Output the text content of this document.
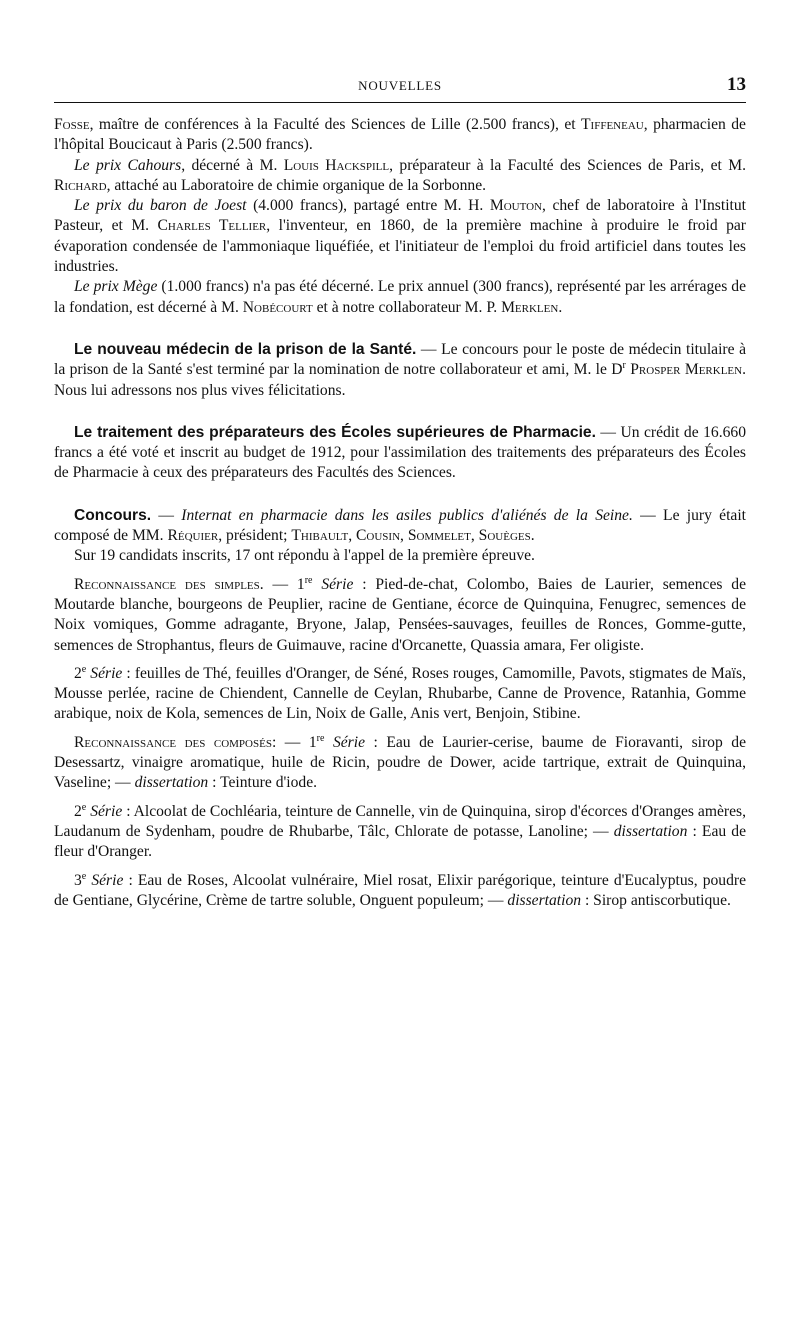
NOUVELLES	13

Fosse, maître de conférences à la Faculté des Sciences de Lille (2.500 francs), et Tiffeneau, pharmacien de l'hôpital Boucicaut à Paris (2.500 francs).

Le prix Cahours, décerné à M. Louis Hackspill, préparateur à la Faculté des Sciences de Paris, et M. Richard, attaché au Laboratoire de chimie organique de la Sorbonne.

Le prix du baron de Joest (4.000 francs), partagé entre M. H. Mouton, chef de laboratoire à l'Institut Pasteur, et M. Charles Tellier, l'inventeur, en 1860, de la première machine à produire le froid par évaporation condensée de l'ammoniaque liquéfiée, et l'initiateur de l'emploi du froid artificiel dans toutes les industries.

Le prix Mège (1.000 francs) n'a pas été décerné. Le prix annuel (300 francs), représenté par les arrérages de la fondation, est décerné à M. Nobécourt et à notre collaborateur M. P. Merklen.

Le nouveau médecin de la prison de la Santé. — Le concours pour le poste de médecin titulaire à la prison de la Santé s'est terminé par la nomination de notre collaborateur et ami, M. le $D^r$ Prosper Merklen. Nous lui adressons nos plus vives félicitations.

Le traitement des préparateurs des Écoles supérieures de Pharmacie. — Un crédit de 16.660 francs a été voté et inscrit au budget de 1912, pour l'assimilation des traitements des préparateurs des Écoles de Pharmacie à ceux des préparateurs des Facultés des Sciences.

Concours. — Internat en pharmacie dans les asiles publics d'aliénés de la Seine. — Le jury était composé de MM. Réquier, président; Thibault, Cousin, Sommelet, Souèges.

Sur 19 candidats inscrits, 17 ont répondu à l'appel de la première épreuve.

Reconnaissance des simples. — 1re Série : Pied-de-chat, Colombo, Baies de Laurier, semences de Moutarde blanche, bourgeons de Peuplier, racine de Gentiane, écorce de Quinquina, Fenugrec, semences de Noix vomiques, Gomme adragante, Bryone, Jalap, Pensées-sauvages, feuilles de Ronces, Gomme-gutte, semences de Strophantus, fleurs de Guimauve, racine d'Orcanette, Quassia amara, Fer oligiste.

2e Série : feuilles de Thé, feuilles d'Oranger, de Séné, Roses rouges, Camomille, Pavots, stigmates de Maïs, Mousse perlée, racine de Chiendent, Cannelle de Ceylan, Rhubarbe, Canne de Provence, Ratanhia, Gomme arabique, noix de Kola, semences de Lin, Noix de Galle, Anis vert, Benjoin, Stibine.

Reconnaissance des composés: — 1re Série : Eau de Laurier-cerise, baume de Fioravanti, sirop de Desessartz, vinaigre aromatique, huile de Ricin, poudre de Dower, acide tartrique, extrait de Quinquina, Vaseline; — dissertation : Teinture d'iode.

2e Série : Alcoolat de Cochléaria, teinture de Cannelle, vin de Quinquina, sirop d'écorces d'Oranges amères, Laudanum de Sydenham, poudre de Rhubarbe, Tâlc, Chlorate de potasse, Lanoline; — dissertation : Eau de fleur d'Oranger.

3e Série : Eau de Roses, Alcoolat vulnéraire, Miel rosat, Elixir parégorique, teinture d'Eucalyptus, poudre de Gentiane, Glycérine, Crème de tartre soluble, Onguent populeum; — dissertation : Sirop antiscorbutique.
